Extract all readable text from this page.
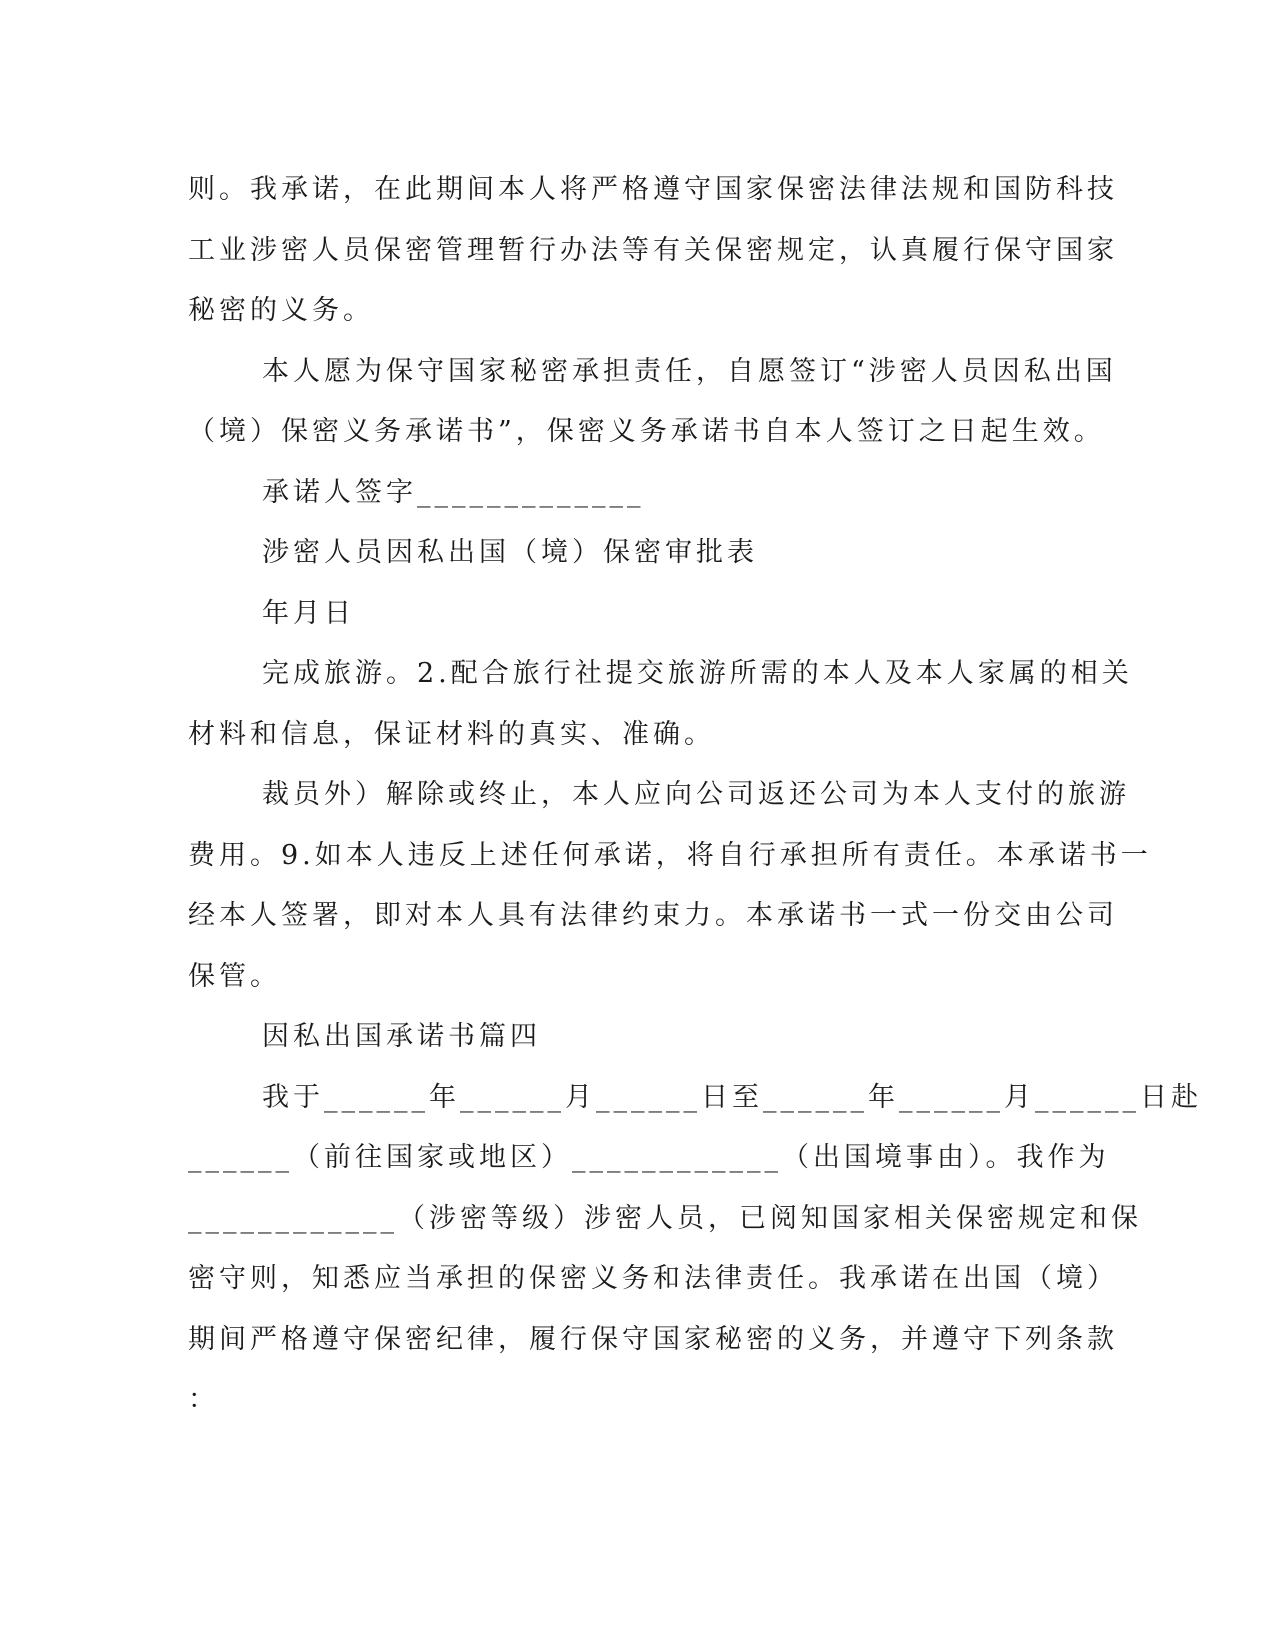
则。我承诺，在此期间本人将严格遵守国家保密法律法规和国防科技
工业涉密人员保密管理暂行办法等有关保密规定，认真履行保守国家
秘密的义务。
本人愿为保守国家秘密承担责任，自愿签订“涉密人员因私出国
（境）保密义务承诺书”，保密义务承诺书自本人签订之日起生效。
承诺人签字_____________
涉密人员因私出国（境）保密审批表
年月日
完成旅游。2.配合旅行社提交旅游所需的本人及本人家属的相关
材料和信息，保证材料的真实、准确。
裁员外）解除或终止，本人应向公司返还公司为本人支付的旅游
费用。9.如本人违反上述任何承诺，将自行承担所有责任。本承诺书一
经本人签署，即对本人具有法律约束力。本承诺书一式一份交由公司
保管。
因私出国承诺书篇四
我于______年______月______日至______年______月______日赴
______（前往国家或地区）____________（出国境事由）。我作为
____________（涉密等级）涉密人员，已阅知国家相关保密规定和保
密守则，知悉应当承担的保密义务和法律责任。我承诺在出国（境）
期间严格遵守保密纪律，履行保守国家秘密的义务，并遵守下列条款
：
